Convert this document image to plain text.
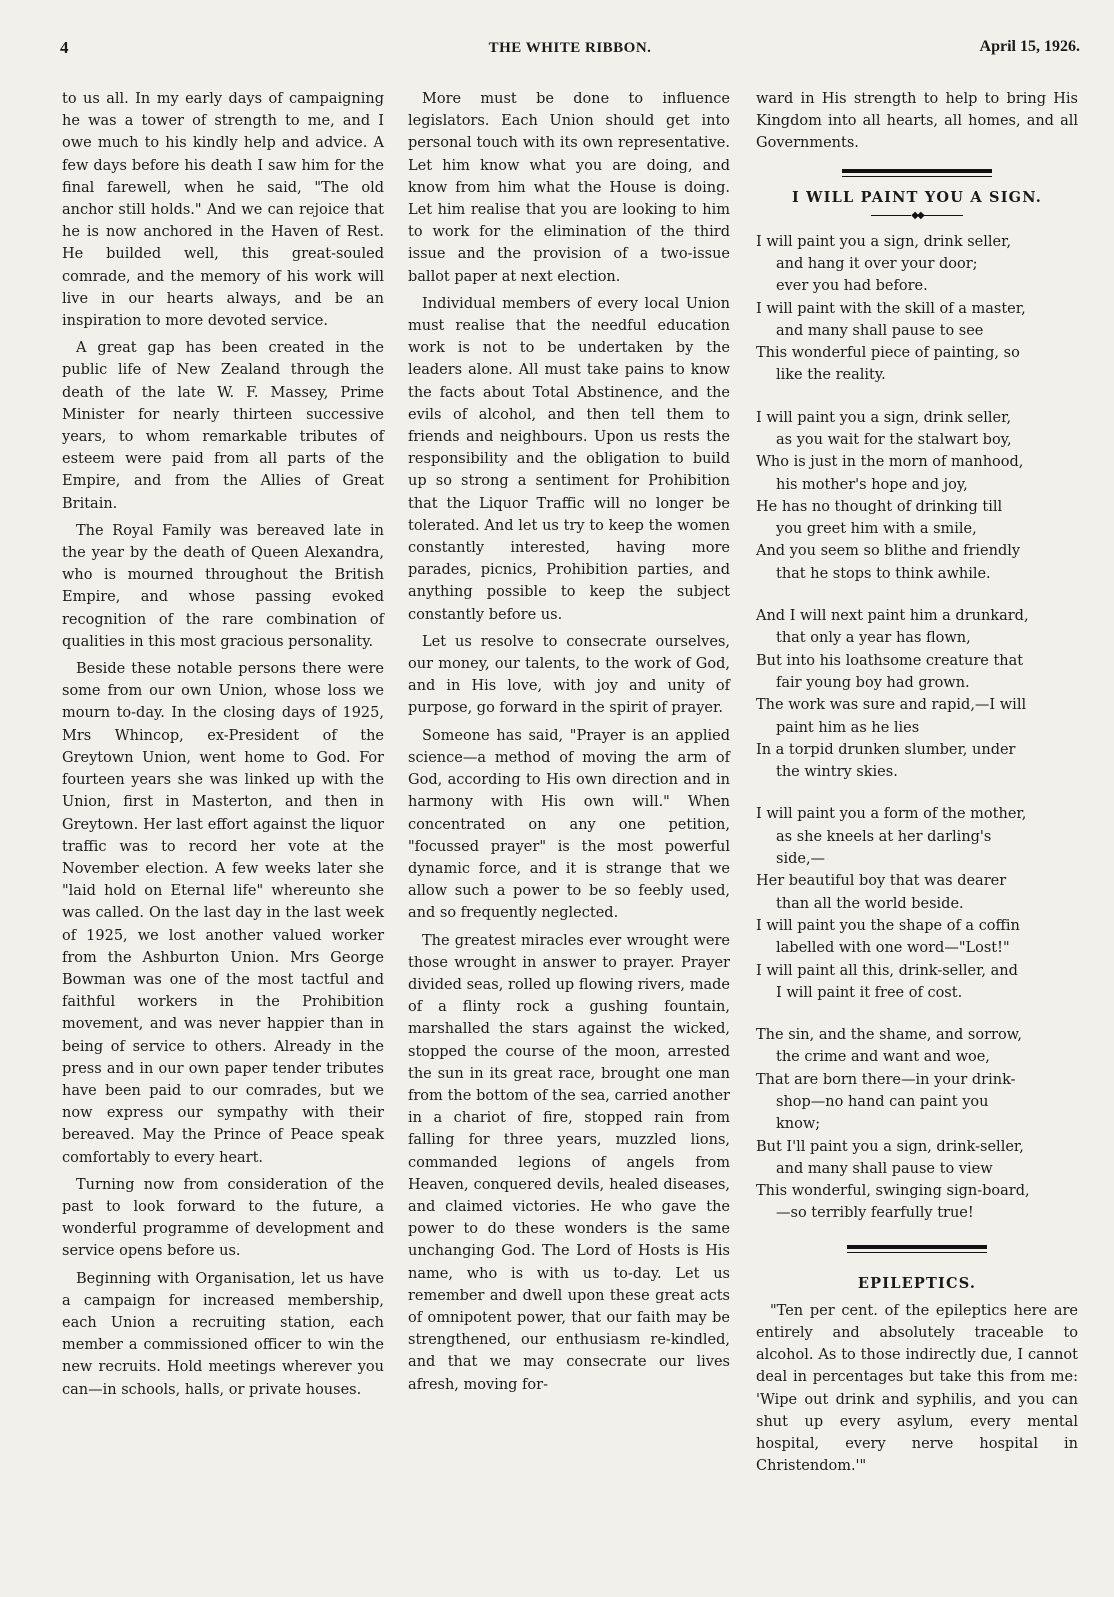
4	THE WHITE RIBBON.	April 15, 1926.

to us all. In my early days of campaigning he was a tower of strength to me, and I owe much to his kindly help and advice. A few days before his death I saw him for the final farewell, when he said, "The old anchor still holds." And we can rejoice that he is now anchored in the Haven of Rest. He builded well, this great-souled comrade, and the memory of his work will live in our hearts always, and be an inspiration to more devoted service.

A great gap has been created in the public life of New Zealand through the death of the late W. F. Massey, Prime Minister for nearly thirteen successive years, to whom remarkable tributes of esteem were paid from all parts of the Empire, and from the Allies of Great Britain.

The Royal Family was bereaved late in the year by the death of Queen Alexandra, who is mourned throughout the British Empire, and whose passing evoked recognition of the rare combination of qualities in this most gracious personality.

Beside these notable persons there were some from our own Union, whose loss we mourn to-day. In the closing days of 1925, Mrs Whincop, ex-President of the Greytown Union, went home to God. For fourteen years she was linked up with the Union, first in Masterton, and then in Greytown. Her last effort against the liquor traffic was to record her vote at the November election. A few weeks later she "laid hold on Eternal life" whereunto she was called. On the last day in the last week of 1925, we lost another valued worker from the Ashburton Union. Mrs George Bowman was one of the most tactful and faithful workers in the Prohibition movement, and was never happier than in being of service to others. Already in the press and in our own paper tender tributes have been paid to our comrades, but we now express our sympathy with their bereaved. May the Prince of Peace speak comfortably to every heart.

Turning now from consideration of the past to look forward to the future, a wonderful programme of development and service opens before us.

Beginning with Organisation, let us have a campaign for increased membership, each Union a recruiting station, each member a commissioned officer to win the new recruits. Hold meetings wherever you can—in schools, halls, or private houses.

More must be done to influence legislators. Each Union should get into personal touch with its own representative. Let him know what you are doing, and know from him what the House is doing. Let him realise that you are looking to him to work for the elimination of the third issue and the provision of a two-issue ballot paper at next election.

Individual members of every local Union must realise that the needful education work is not to be undertaken by the leaders alone. All must take pains to know the facts about Total Abstinence, and the evils of alcohol, and then tell them to friends and neighbours. Upon us rests the responsibility and the obligation to build up so strong a sentiment for Prohibition that the Liquor Traffic will no longer be tolerated. And let us try to keep the women constantly interested, having more parades, picnics, Prohibition parties, and anything possible to keep the subject constantly before us.

Let us resolve to consecrate ourselves, our money, our talents, to the work of God, and in His love, with joy and unity of purpose, go forward in the spirit of prayer.

Someone has said, "Prayer is an applied science—a method of moving the arm of God, according to His own direction and in harmony with His own will." When concentrated on any one petition, "focussed prayer" is the most powerful dynamic force, and it is strange that we allow such a power to be so feebly used, and so frequently neglected.

The greatest miracles ever wrought were those wrought in answer to prayer. Prayer divided seas, rolled up flowing rivers, made of a flinty rock a gushing fountain, marshalled the stars against the wicked, stopped the course of the moon, arrested the sun in its great race, brought one man from the bottom of the sea, carried another in a chariot of fire, stopped rain from falling for three years, muzzled lions, commanded legions of angels from Heaven, conquered devils, healed diseases, and claimed victories. He who gave the power to do these wonders is the same unchanging God. The Lord of Hosts is His name, who is with us to-day. Let us remember and dwell upon these great acts of omnipotent power, that our faith may be strengthened, our enthusiasm re-kindled, and that we may consecrate our lives afresh, moving for-

ward in His strength to help to bring His Kingdom into all hearts, all homes, and all Governments.

I WILL PAINT YOU A SIGN.
◆◆
I will paint you a sign, drink seller,
and hang it over your door;
ever you had before.
I will paint with the skill of a master,
and many shall pause to see
This wonderful piece of painting, so
like the reality.
I will paint you a sign, drink seller,
as you wait for the stalwart boy,
Who is just in the morn of manhood,
his mother's hope and joy,
He has no thought of drinking till
you greet him with a smile,
And you seem so blithe and friendly
that he stops to think awhile.
And I will next paint him a drunkard,
that only a year has flown,
But into his loathsome creature that
fair young boy had grown.
The work was sure and rapid,—I will
paint him as he lies
In a torpid drunken slumber, under
the wintry skies.
I will paint you a form of the mother,
as she kneels at her darling's
side,—
Her beautiful boy that was dearer
than all the world beside.
I will paint you the shape of a coffin
labelled with one word—"Lost!"
I will paint all this, drink-seller, and
I will paint it free of cost.
The sin, and the shame, and sorrow,
the crime and want and woe,
That are born there—in your drink-
shop—no hand can paint you
know;
But I'll paint you a sign, drink-seller,
and many shall pause to view
This wonderful, swinging sign-board,
—so terribly fearfully true!
EPILEPTICS.

"Ten per cent. of the epileptics here are entirely and absolutely traceable to alcohol. As to those indirectly due, I cannot deal in percentages but take this from me: 'Wipe out drink and syphilis, and you can shut up every asylum, every mental hospital, every nerve hospital in Christendom.'"
